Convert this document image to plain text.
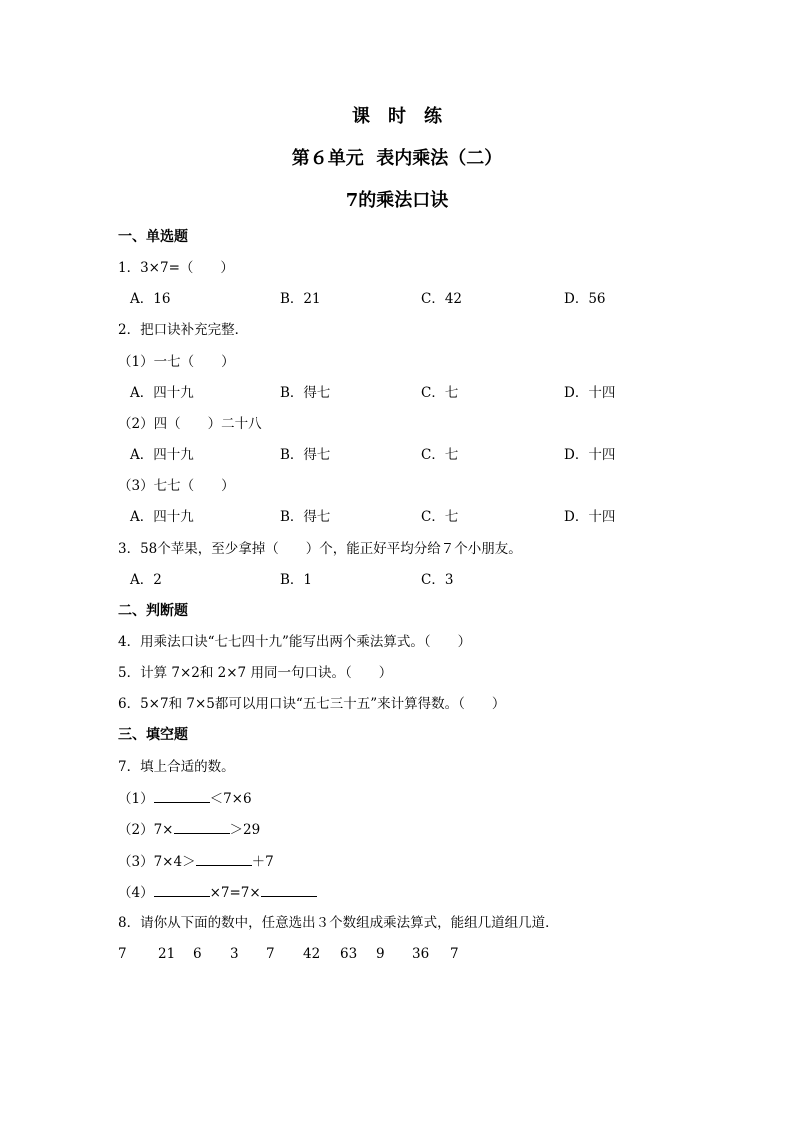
课　时　练
第６单元  表内乘法（二）
7的乘法口诀
一、单选题
1．3×7=（　　）
A．16	B．21	C．42	D．56
2．把口诀补充完整．
（1）一七（　　）
A．四十九	B．得七	C．七	D．十四
（2）四（　　）二十八
A．四十九	B．得七	C．七	D．十四
（3）七七（　　）
A．四十九	B．得七	C．七	D．十四
3．58个苹果，至少拿掉（　　）个，能正好平均分给７个小朋友。
A．2	B．1	C．3
二、判断题
4．用乘法口诀“七七四十九”能写出两个乘法算式。（　　）
5．计算 7×2和 2×7 用同一句口诀。（　　）
6．5×7和 7×5都可以用口诀“五七三十五”来计算得数。（　　）
三、填空题
7．填上合适的数。
（1）	＜7×6
（2）7×	＞29
（3）7×4＞	＋7
（4）	×7=7×
8．请你从下面的数中，任意选出３个数组成乘法算式，能组几道组几道．
7 21 6 3 7 42 63 9 36 7
